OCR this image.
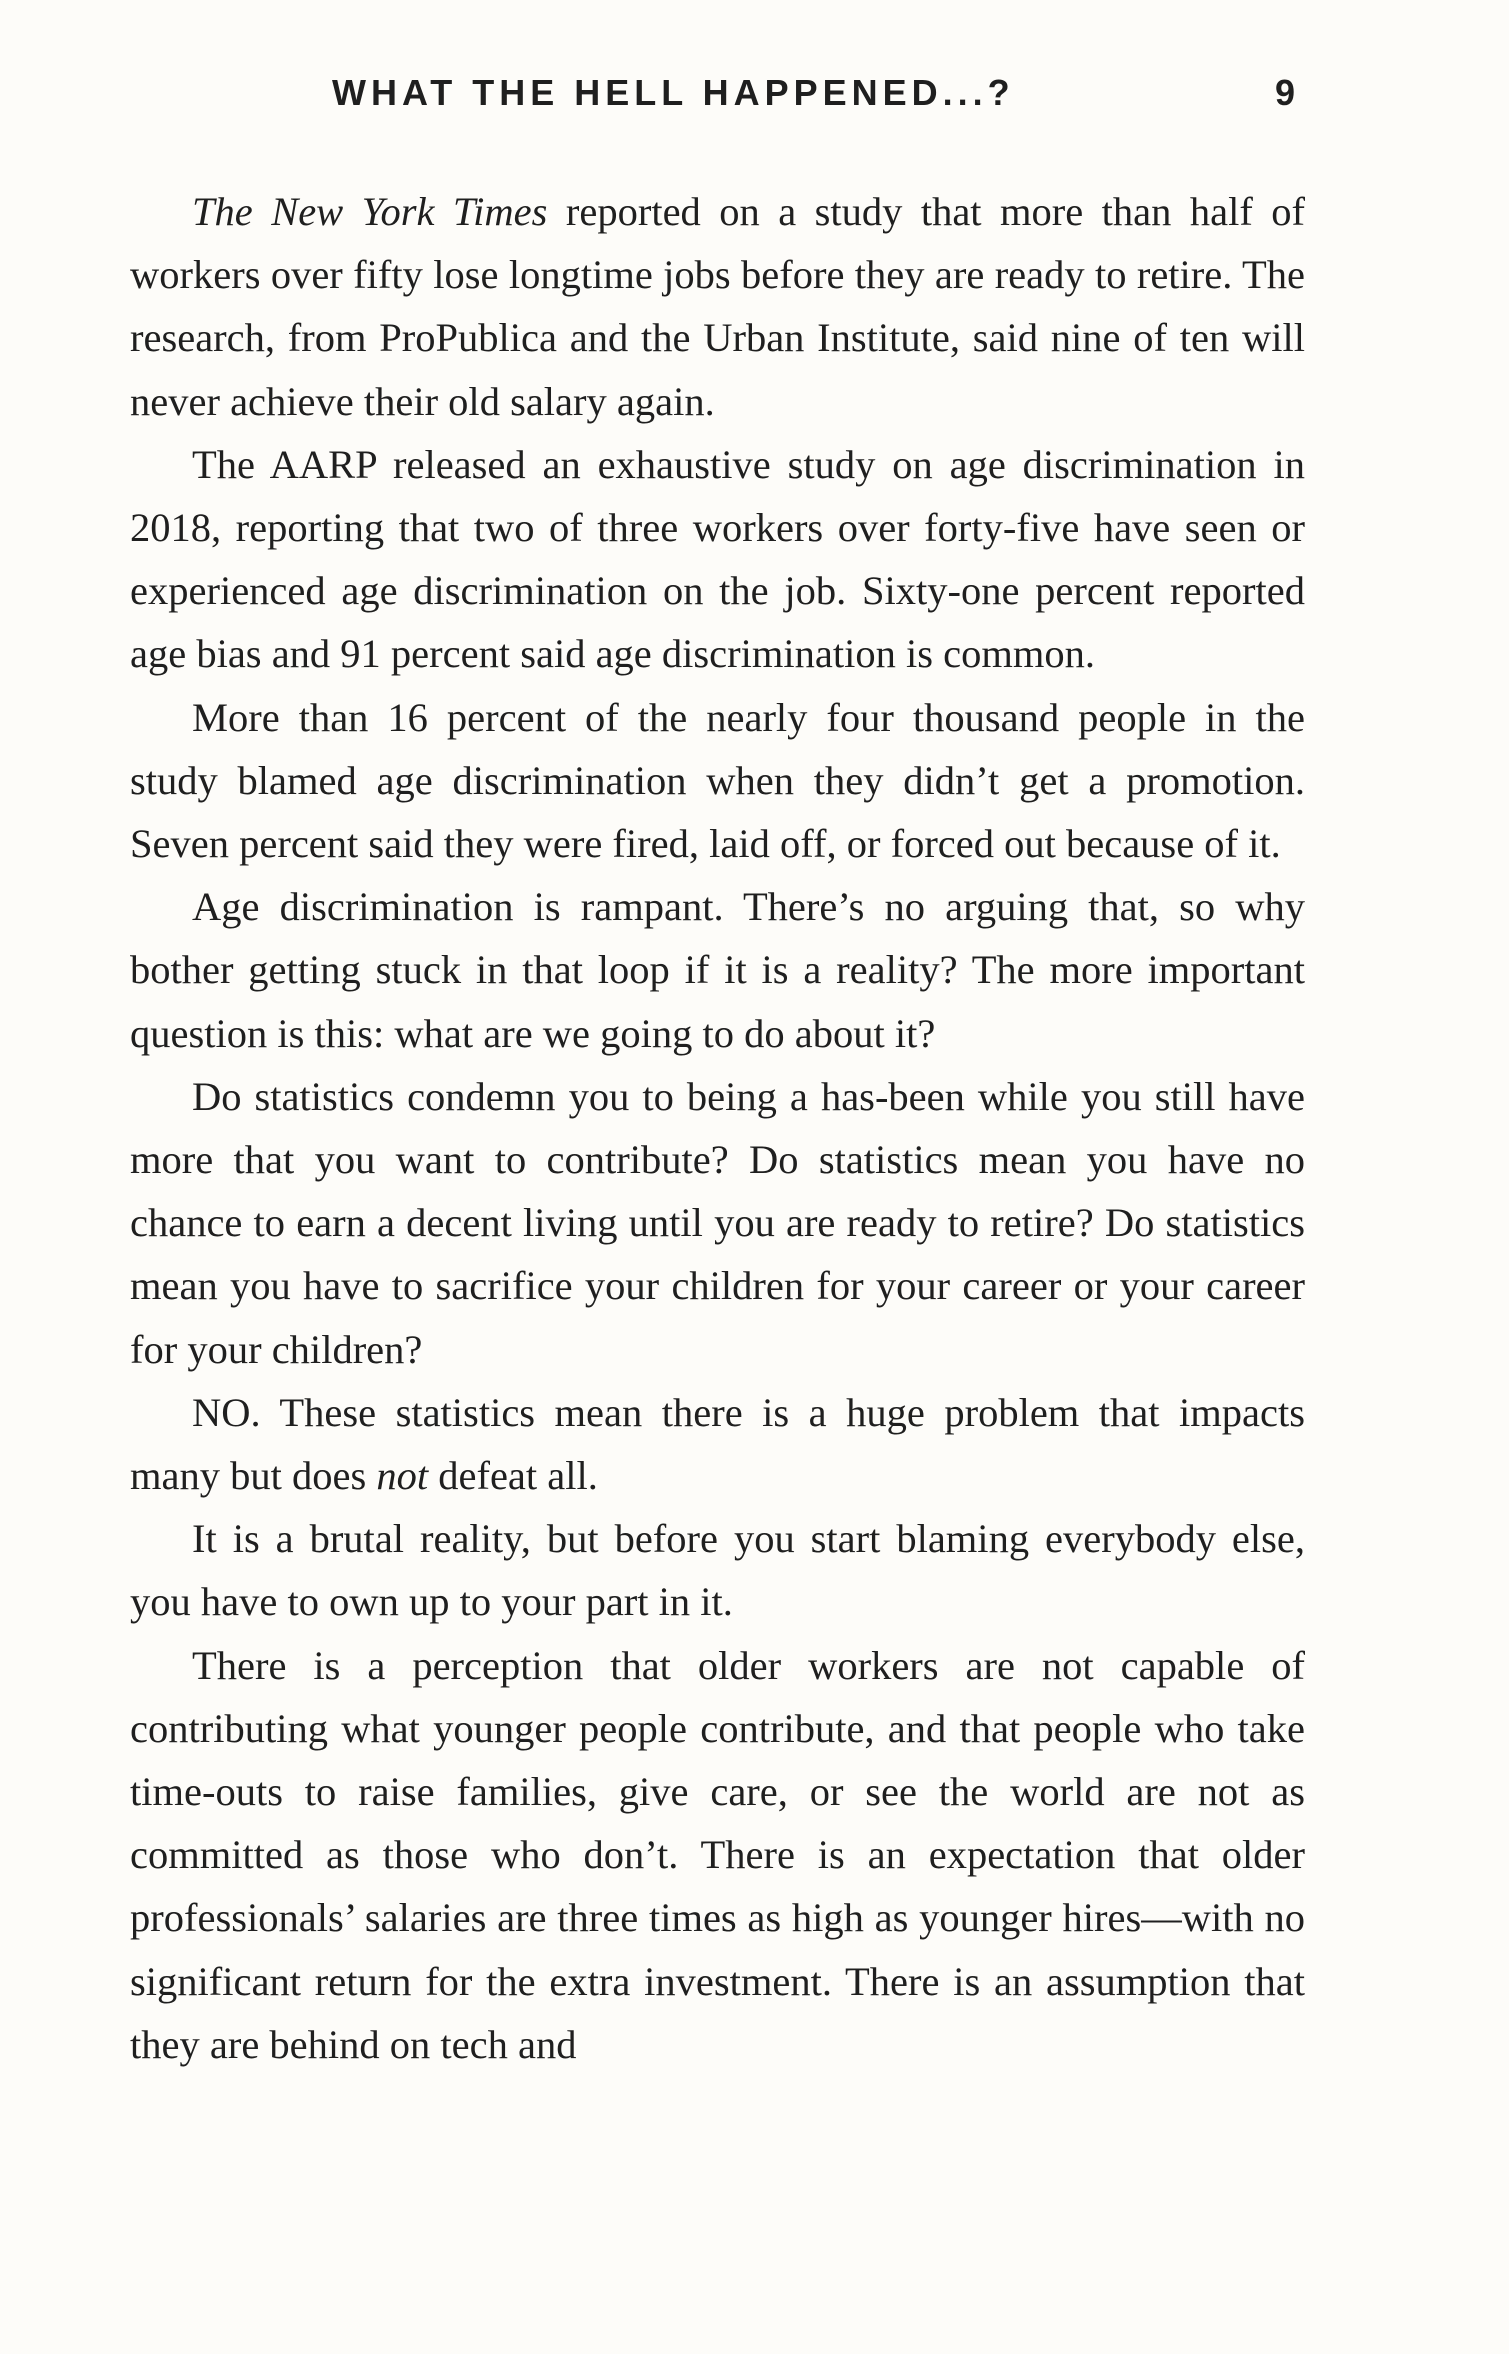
WHAT THE HELL HAPPENED...?	9

The New York Times reported on a study that more than half of workers over fifty lose longtime jobs before they are ready to retire. The research, from ProPublica and the Urban Institute, said nine of ten will never achieve their old salary again.

The AARP released an exhaustive study on age discrimination in 2018, reporting that two of three workers over forty-five have seen or experienced age discrimination on the job. Sixty-one percent reported age bias and 91 percent said age discrimination is common.

More than 16 percent of the nearly four thousand people in the study blamed age discrimination when they didn’t get a promotion. Seven percent said they were fired, laid off, or forced out because of it.

Age discrimination is rampant. There’s no arguing that, so why bother getting stuck in that loop if it is a reality? The more important question is this: what are we going to do about it?

Do statistics condemn you to being a has-been while you still have more that you want to contribute? Do statistics mean you have no chance to earn a decent living until you are ready to retire? Do statistics mean you have to sacrifice your children for your career or your career for your children?

NO. These statistics mean there is a huge problem that impacts many but does not defeat all.

It is a brutal reality, but before you start blaming everybody else, you have to own up to your part in it.

There is a perception that older workers are not capable of contributing what younger people contribute, and that people who take time-outs to raise families, give care, or see the world are not as committed as those who don’t. There is an expectation that older professionals’ salaries are three times as high as younger hires—with no significant return for the extra investment. There is an assumption that they are behind on tech and
